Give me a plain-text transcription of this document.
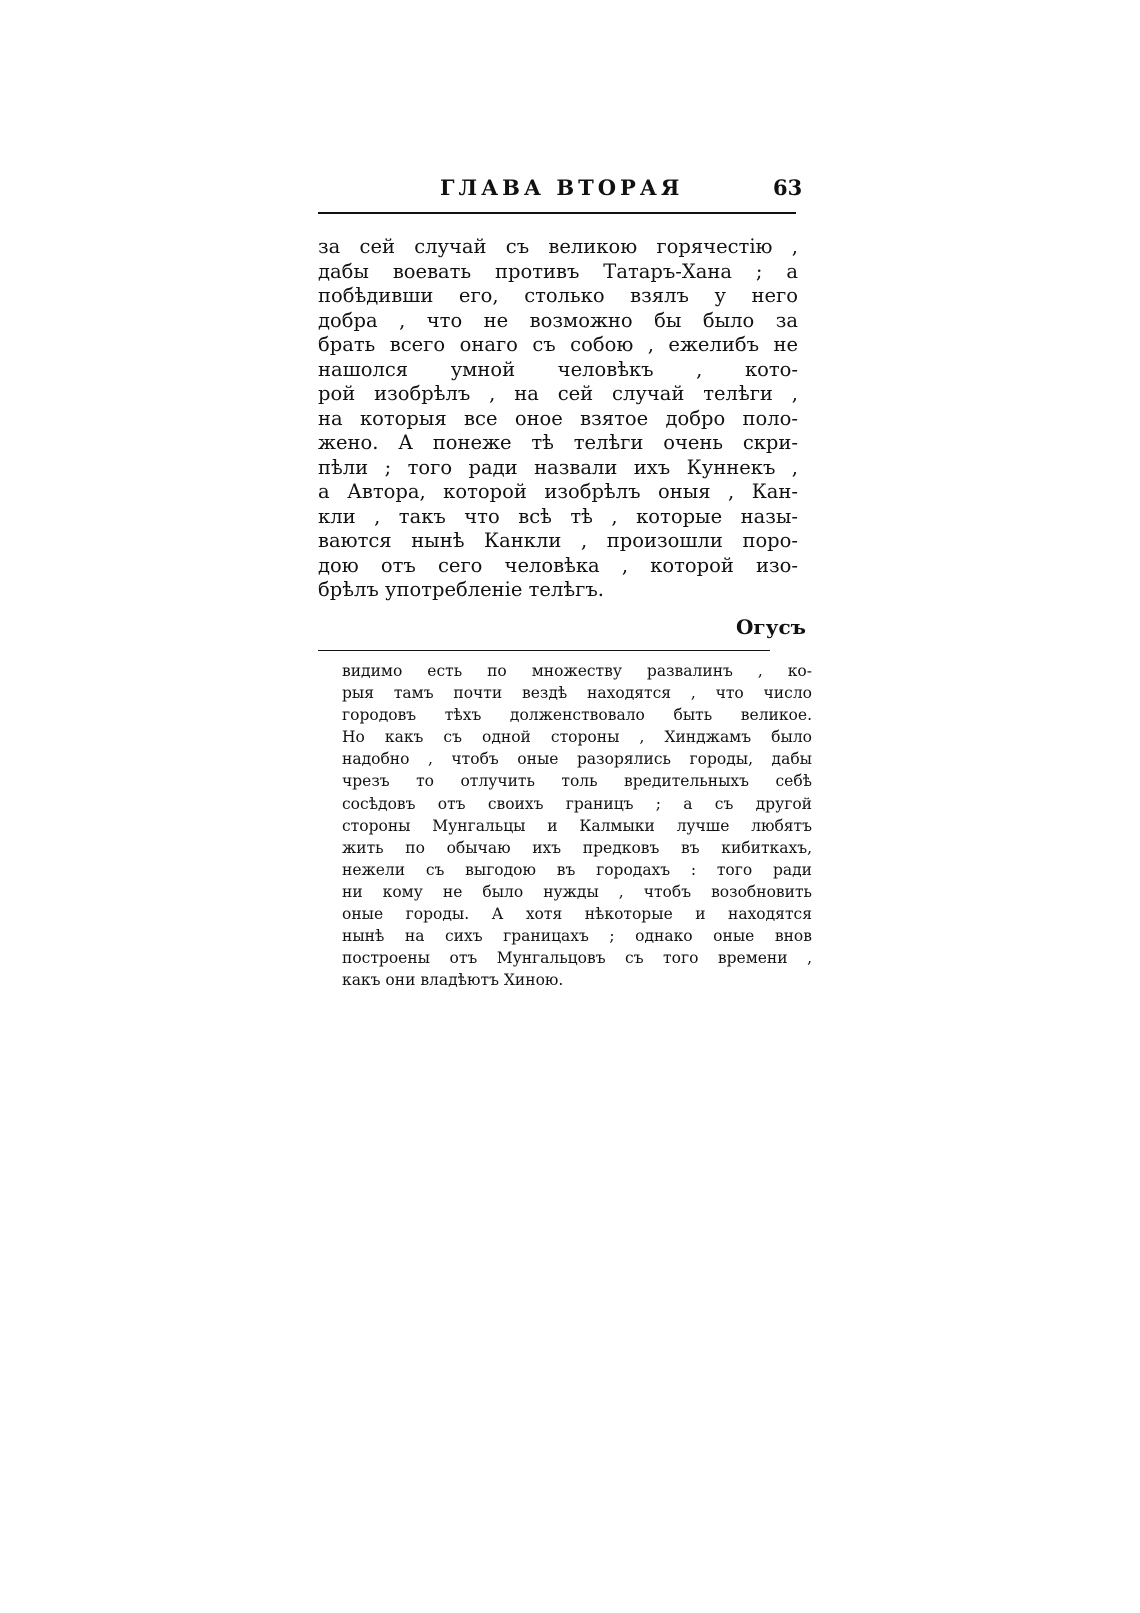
ГЛАВА ВТОРАЯ	63
за сей случай съ великою горячестію ,
дабы воевать противъ Татаръ-Хана ; а
побѣдивши его, столько взялъ у него
добра , что не возможно бы было за
брать всего онаго съ собою , ежелибъ не
нашолся умной человѣкъ , кото-
рой изобрѣлъ , на сей случай телѣги ,
на которыя все оное взятое добро поло-
жено. А понеже тѣ телѣги очень скри-
пѣли ; того ради назвали ихъ Куннекъ ,
а Автора, которой изобрѣлъ оныя , Кан-
кли , такъ что всѣ тѣ , которые назы-
ваются нынѣ Канкли , произошли поро-
дою отъ сего человѣка , которой изо-
брѣлъ употребленіе телѣгъ.
Огусъ
видимо есть по множеству развалинъ , ко-
рыя тамъ почти вездѣ находятся , что число
городовъ тѣхъ долженствовало быть великое.
Но какъ съ одной стороны , Хинджамъ было
надобно , чтобъ оные разорялись городы, дабы
чрезъ то отлучить толь вредительныхъ себѣ
сосѣдовъ отъ своихъ границъ ; а съ другой
стороны Мунгальцы и Калмыки лучше любятъ
жить по обычаю ихъ предковъ въ кибиткахъ,
нежели съ выгодою въ городахъ : того ради
ни кому не было нужды , чтобъ возобновить
оные городы. А хотя нѣкоторые и находятся
нынѣ на сихъ границахъ ; однако оные внов
построены отъ Мунгальцовъ съ того времени ,
какъ они владѣютъ Хиною.
